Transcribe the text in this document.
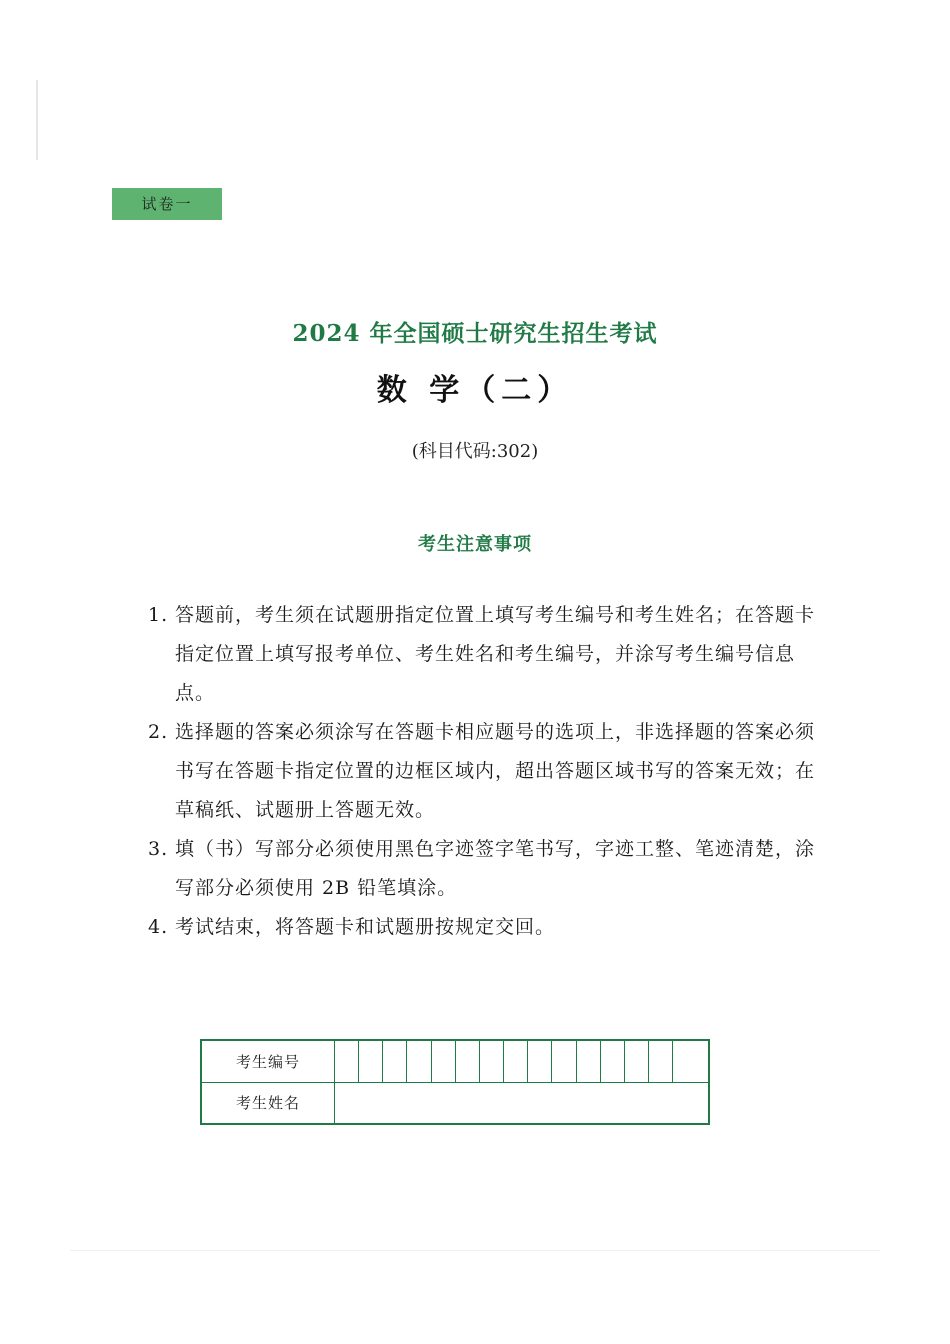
试卷一
2024 年全国硕士研究生招生考试
数 学（二）
(科目代码:302)
考生注意事项
1. 答题前，考生须在试题册指定位置上填写考生编号和考生姓名；在答题卡指定位置上填写报考单位、考生姓名和考生编号，并涂写考生编号信息点。
2. 选择题的答案必须涂写在答题卡相应题号的选项上，非选择题的答案必须书写在答题卡指定位置的边框区域内，超出答题区域书写的答案无效；在草稿纸、试题册上答题无效。
3. 填（书）写部分必须使用黑色字迹签字笔书写，字迹工整、笔迹清楚，涂写部分必须使用 2B 铅笔填涂。
4. 考试结束，将答题卡和试题册按规定交回。
考生编号															
考生姓名															
